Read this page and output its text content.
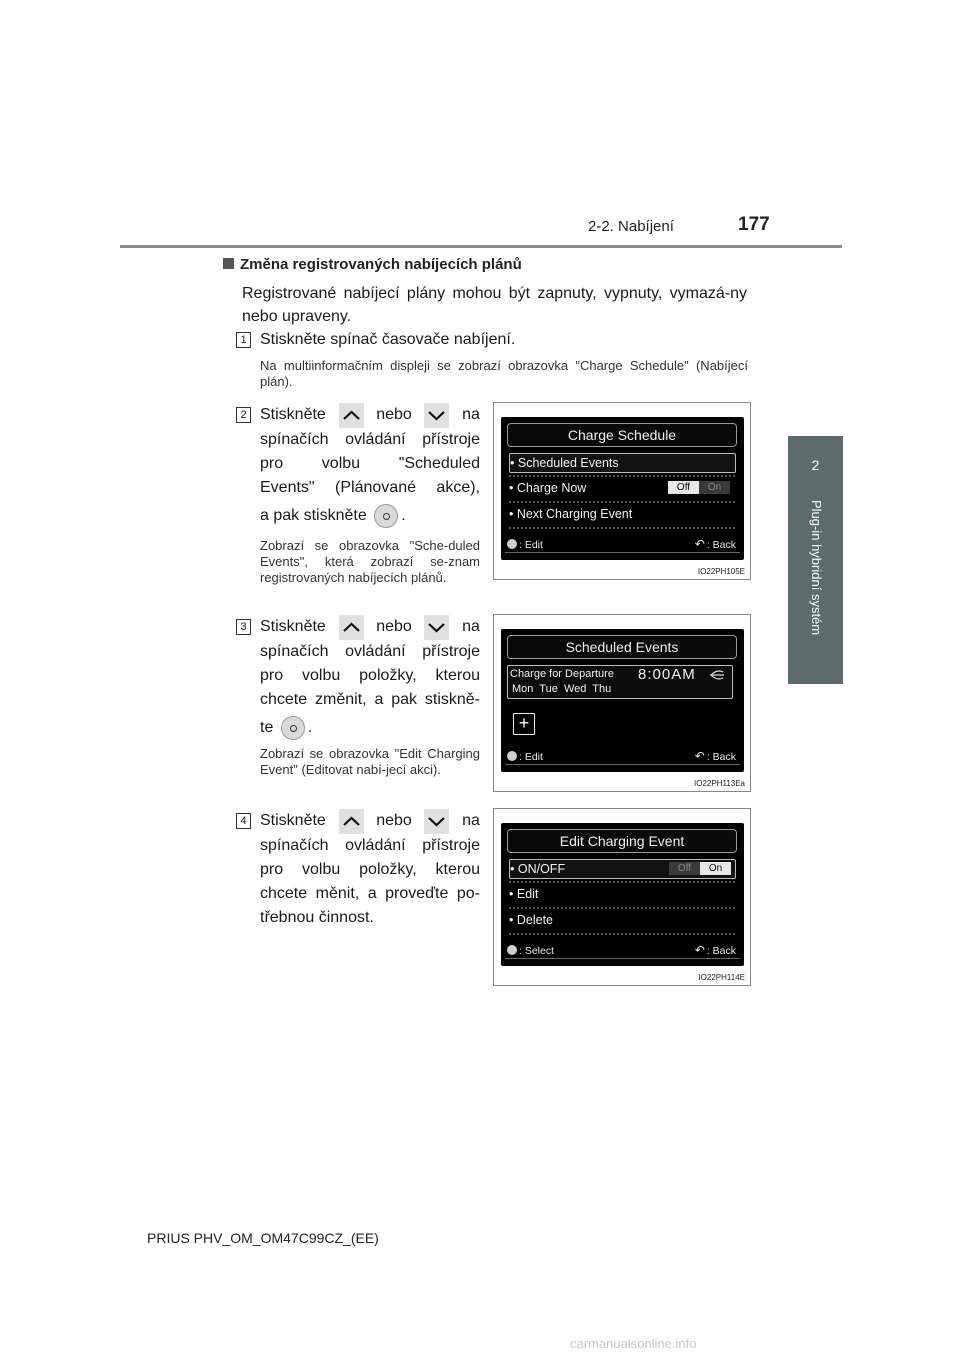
2-2. Nabíjení	177
2
Plug-in hybridní systém
Změna registrovaných nabíjecích plánů
Registrované nabíjecí plány mohou být zapnuty, vypnuty, vymazá-ny nebo upraveny.
1 Stiskněte spínač časovače nabíjení.
Na multiinformačním displeji se zobrazí obrazovka "Charge Schedule" (Nabíjecí plán).
2 Stiskněte	nebo	na
spínačích ovládání přístroje
pro volbu "Scheduled
Events" (Plánované akce),
a pak stiskněte .
Zobrazí se obrazovka "Sche-duled Events", která zobrazí se-znam registrovaných nabíjecích plánů.
Charge Schedule
• Scheduled Events
• Charge Now	Off	On
• Next Charging Event
: Edit	↶ : Back
IO22PH105E
3 Stiskněte	nebo	na
spínačích ovládání přístroje
pro volbu položky, kterou
chcete změnit, a pak stiskně-
te .
Zobrazí se obrazovka "Edit Charging Event" (Editovat nabí-jecí akci).
Scheduled Events
Charge for Departure 8:00AM
Mon  Tue  Wed  Thu
+
: Edit	↶ : Back
IO22PH113Ea
4 Stiskněte	nebo	na
spínačích ovládání přístroje
pro volbu položky, kterou
chcete měnit, a proveďte po-
třebnou činnost.
Edit Charging Event
• ON/OFF	Off	On
• Edit
• Delete
: Select	↶ : Back
IO22PH114E
PRIUS PHV_OM_OM47C99CZ_(EE)
carmanualsonline.info
